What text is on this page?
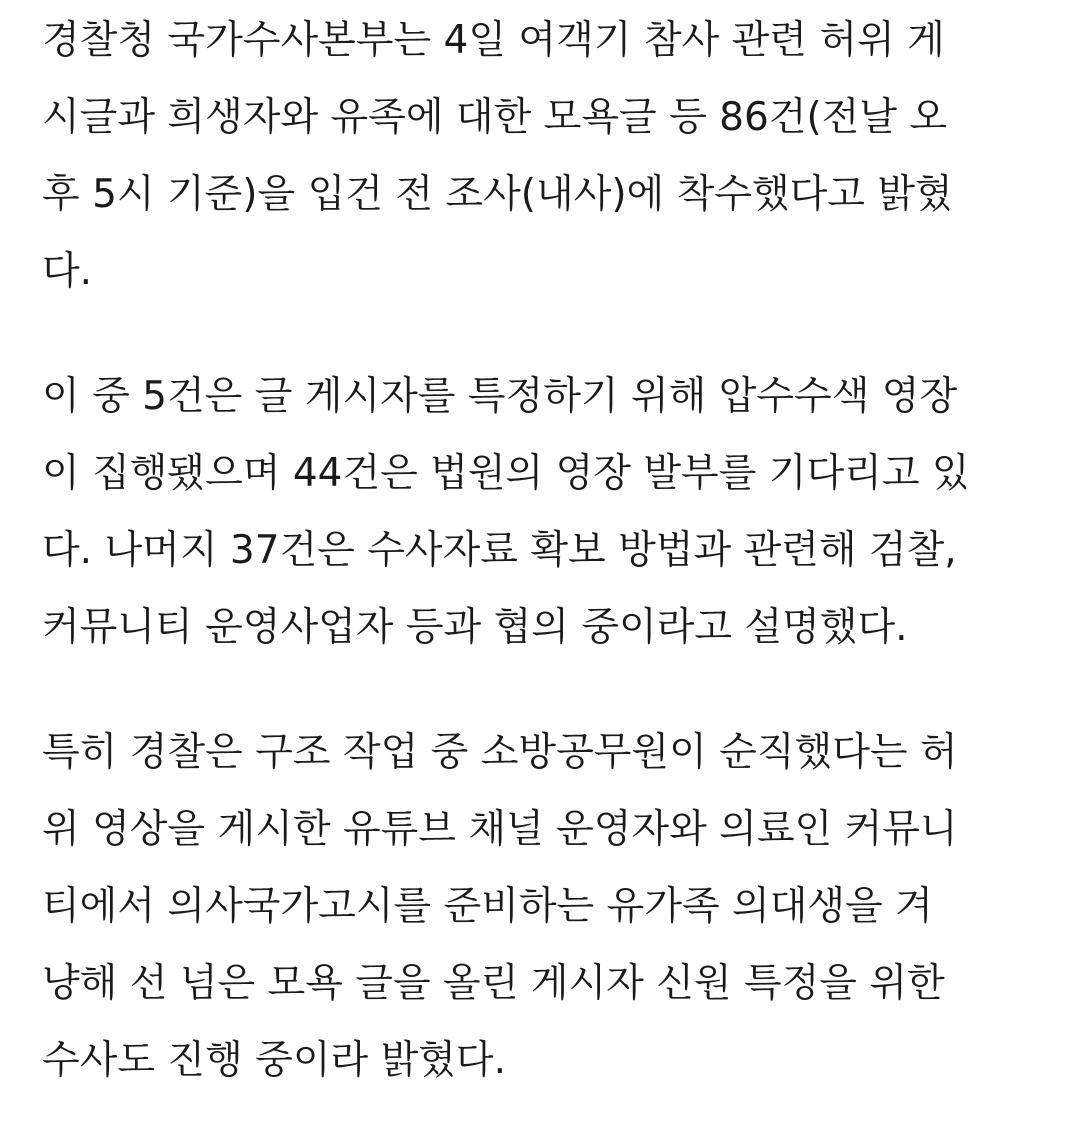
경찰청 국가수사본부는 4일 여객기 참사 관련 허위 게
시글과 희생자와 유족에 대한 모욕글 등 86건(전날 오
후 5시 기준)을 입건 전 조사(내사)에 착수했다고 밝혔
다.
이 중 5건은 글 게시자를 특정하기 위해 압수수색 영장
이 집행됐으며 44건은 법원의 영장 발부를 기다리고 있
다. 나머지 37건은 수사자료 확보 방법과 관련해 검찰,
커뮤니티 운영사업자 등과 협의 중이라고 설명했다.
특히 경찰은 구조 작업 중 소방공무원이 순직했다는 허
위 영상을 게시한 유튜브 채널 운영자와 의료인 커뮤니
티에서 의사국가고시를 준비하는 유가족 의대생을 겨
냥해 선 넘은 모욕 글을 올린 게시자 신원 특정을 위한
수사도 진행 중이라 밝혔다.
